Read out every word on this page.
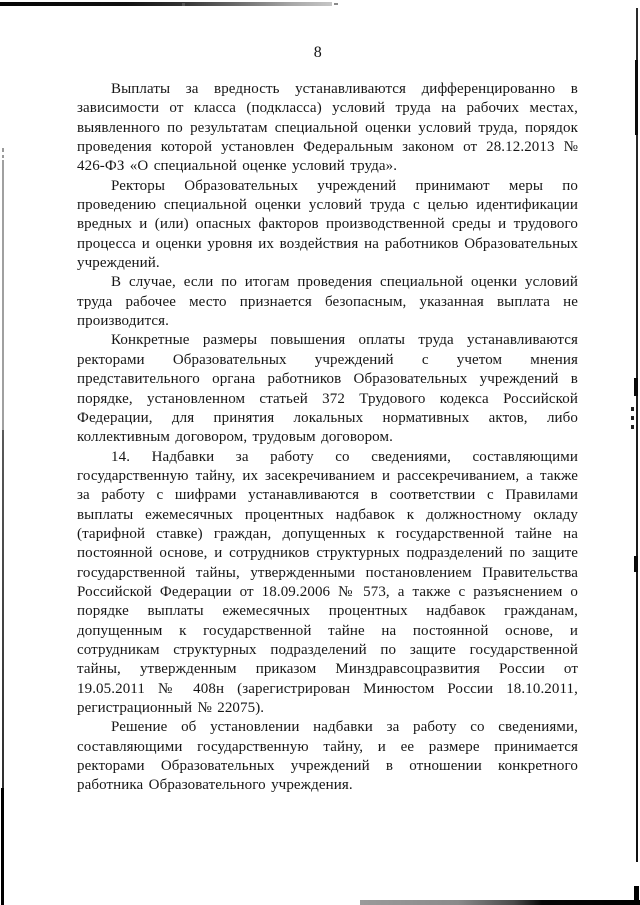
8

Выплаты за вредность устанавливаются дифференцированно в зависимости от класса (подкласса) условий труда на рабочих местах, выявленного по результатам специальной оценки условий труда, порядок проведения которой установлен Федеральным законом от 28.12.2013 № 426-ФЗ «О специальной оценке условий труда».

Ректоры Образовательных учреждений принимают меры по проведению специальной оценки условий труда с целью идентификации вредных и (или) опасных факторов производственной среды и трудового процесса и оценки уровня их воздействия на работников Образовательных учреждений.

В случае, если по итогам проведения специальной оценки условий труда рабочее место признается безопасным, указанная выплата не производится.

Конкретные размеры повышения оплаты труда устанавливаются ректорами Образовательных учреждений с учетом мнения представительного органа работников Образовательных учреждений в порядке, установленном статьей 372 Трудового кодекса Российской Федерации, для принятия локальных нормативных актов, либо коллективным договором, трудовым договором.

14. Надбавки за работу со сведениями, составляющими государственную тайну, их засекречиванием и рассекречиванием, а также за работу с шифрами устанавливаются в соответствии с Правилами выплаты ежемесячных процентных надбавок к должностному окладу (тарифной ставке) граждан, допущенных к государственной тайне на постоянной основе, и сотрудников структурных подразделений по защите государственной тайны, утвержденными постановлением Правительства Российской Федерации от 18.09.2006 № 573, а также с разъяснением о порядке выплаты ежемесячных процентных надбавок гражданам, допущенным к государственной тайне на постоянной основе, и сотрудникам структурных подразделений по защите государственной тайны, утвержденным приказом Минздравсоцразвития России от 19.05.2011 № 408н (зарегистрирован Минюстом России 18.10.2011, регистрационный № 22075).

Решение об установлении надбавки за работу со сведениями, составляющими государственную тайну, и ее размере принимается ректорами Образовательных учреждений в отношении конкретного работника Образовательного учреждения.
